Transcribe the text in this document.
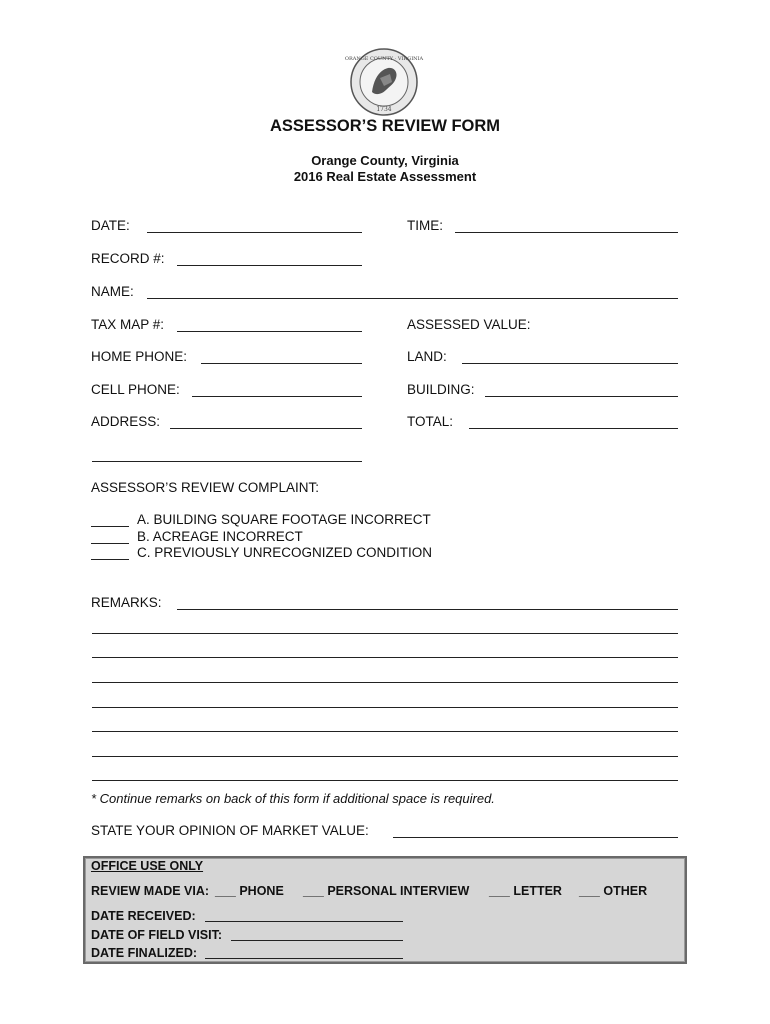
ORANGE COUNTY · VIRGINIA
1734
ASSESSOR’S REVIEW FORM
Orange County, Virginia
2016 Real Estate Assessment
DATE:	TIME:
RECORD #:
NAME:
TAX MAP #:	ASSESSED VALUE:
HOME PHONE:	LAND:
CELL PHONE:	BUILDING:
ADDRESS:	TOTAL:
ASSESSOR’S REVIEW COMPLAINT:
A. BUILDING SQUARE FOOTAGE INCORRECT
B. ACREAGE INCORRECT
C. PREVIOUSLY UNRECOGNIZED CONDITION
REMARKS:
* Continue remarks on back of this form if additional space is required.
STATE YOUR OPINION OF MARKET VALUE:
OFFICE USE ONLY
REVIEW MADE VIA: ___ PHONE ___ PERSONAL INTERVIEW ___ LETTER ___ OTHER
DATE RECEIVED:
DATE OF FIELD VISIT:
DATE FINALIZED:
